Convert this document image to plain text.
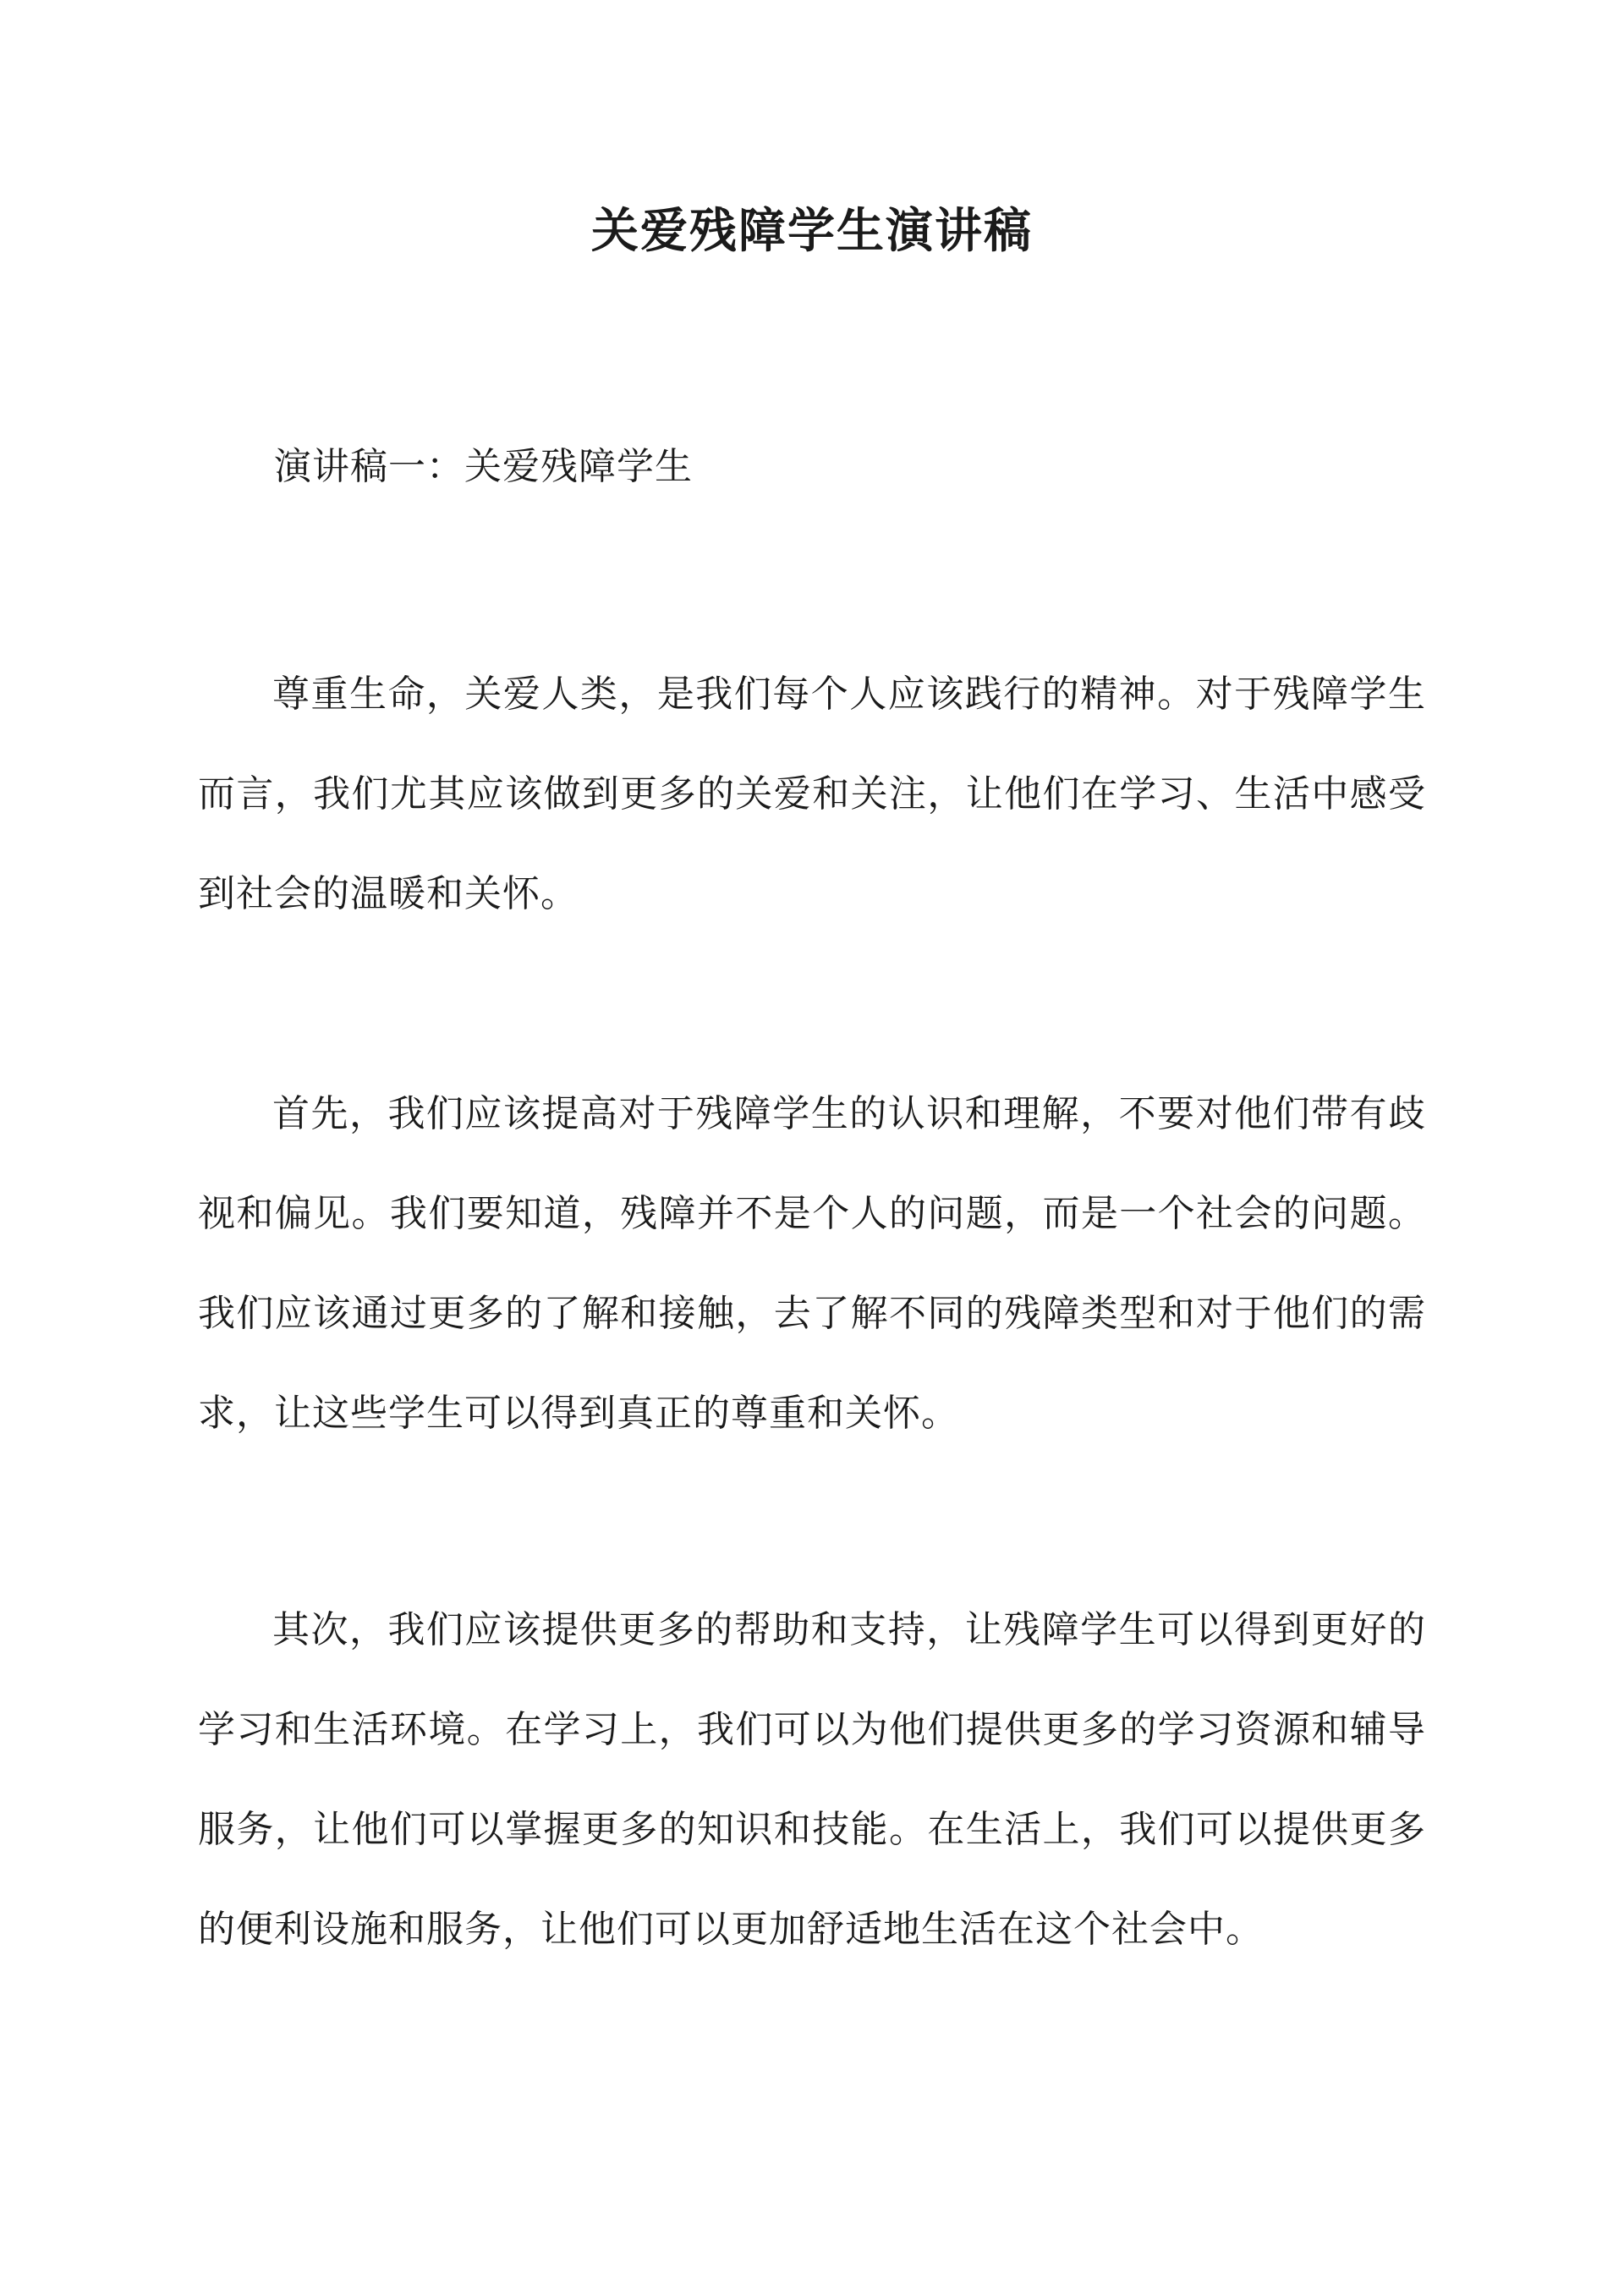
关爱残障学生演讲稿
演讲稿一：关爱残障学生

尊重生命，关爱人类，是我们每个人应该践行的精神。对于残障学生而言，我们尤其应该做到更多的关爱和关注，让他们在学习、生活中感受到社会的温暖和关怀。

首先，我们应该提高对于残障学生的认识和理解，不要对他们带有歧视和偏见。我们要知道，残障并不是个人的问题，而是一个社会的问题。我们应该通过更多的了解和接触，去了解不同的残障类型和对于他们的需求，让这些学生可以得到真正的尊重和关怀。

其次，我们应该提供更多的帮助和支持，让残障学生可以得到更好的学习和生活环境。在学习上，我们可以为他们提供更多的学习资源和辅导服务，让他们可以掌握更多的知识和技能。在生活上，我们可以提供更多的便利设施和服务，让他们可以更加舒适地生活在这个社会中。
